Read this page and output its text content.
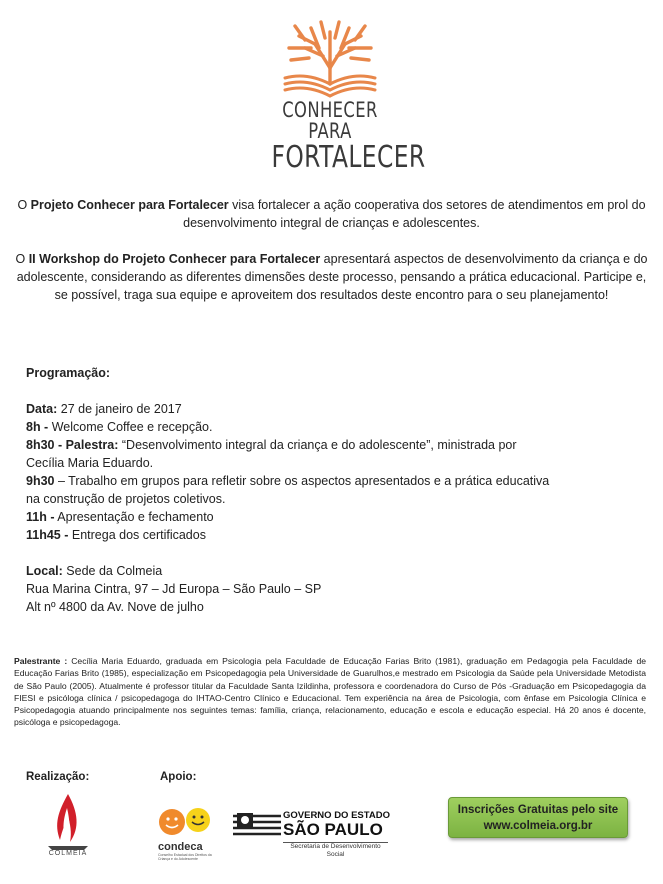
CONHECER PARA
FORTALECER

O Projeto Conhecer para Fortalecer visa fortalecer a ação cooperativa dos setores de atendimentos em prol do desenvolvimento integral de crianças e adolescentes.

O II Workshop do Projeto Conhecer para Fortalecer apresentará aspectos de desenvolvimento da criança e do adolescente, considerando as diferentes dimensões deste processo, pensando a prática educacional. Participe e, se possível, traga sua equipe e aproveitem dos resultados deste encontro para o seu planejamento!

Programação:
Data: 27 de janeiro de 2017
8h - Welcome Coffee e recepção.
8h30 - Palestra: “Desenvolvimento integral da criança e do adolescente”, ministrada por
Cecília Maria Eduardo.
9h30 – Trabalho em grupos para refletir sobre os aspectos apresentados e a prática educativa
na construção de projetos coletivos.
11h - Apresentação e fechamento
11h45 - Entrega dos certificados
Local: Sede da Colmeia
Rua Marina Cintra, 97 – Jd Europa – São Paulo – SP
Alt nº 4800 da Av. Nove de julho
Palestrante : Cecília Maria Eduardo, graduada em Psicologia pela Faculdade de Educação Farias Brito (1981), graduação em Pedagogia pela Faculdade de Educação Farias Brito (1985), especialização em Psicopedagogia pela Universidade de Guarulhos,e mestrado em Psicologia da Saúde pela Universidade Metodista de São Paulo (2005). Atualmente é professor titular da Faculdade Santa Izildinha, professora e coordenadora do Curso de Pós -Graduação em Psicopedagogia da FIESI e psicóloga clínica / psicopedagoga do IHTAO-Centro Clínico e Educacional. Tem experiência na área de Psicologia, com ênfase em Psicologia Clínica e Psicopedagogia atuando principalmente nos seguintes temas: família, criança, relacionamento, educação e escola e educação especial. Há 20 anos é docente, psicóloga e psicopedagoga.
Realização:	Apoio:
COLMEIA
condeca
Conselho Estadual dos Direitos da Criança e do Adolescente
GOVERNO DO ESTADO
SÃO PAULO
Secretaria de Desenvolvimento
Social
Inscrições Gratuitas pelo site
www.colmeia.org.br
